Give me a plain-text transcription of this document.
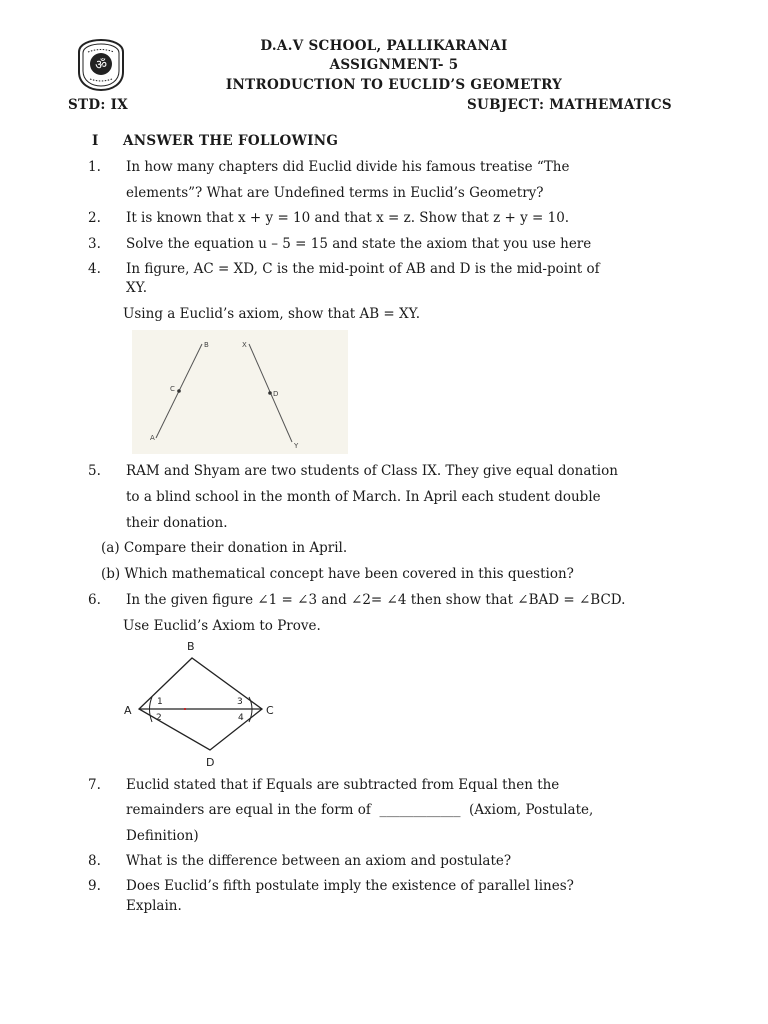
ॐ
D.A.V SCHOOL, PALLIKARANAI
ASSIGNMENT- 5
INTRODUCTION TO EUCLID’S GEOMETRY
STD: IX	SUBJECT: MATHEMATICS
I ANSWER THE FOLLOWING
1. In how many chapters did Euclid divide his famous treatise “The
elements”? What are Undefined terms in Euclid’s Geometry?
2. It is known that x + y = 10 and that x = z. Show that z + y = 10.
3. Solve the equation u – 5 = 15 and state the axiom that you use here
4. In figure, AC = XD, C is the mid-point of AB and D is the mid-point of
XY.
Using a Euclid’s axiom, show that AB = XY.
B	X
C
D
A
Y
5. RAM and Shyam are two students of Class IX. They give equal donation
to a blind school in the month of March. In April each student double
their donation.
(a) Compare their donation in April.
(b) Which mathematical concept have been covered in this question?
6. In the given figure ∠1 = ∠3 and ∠2= ∠4 then show that ∠BAD = ∠BCD.
Use Euclid’s Axiom to Prove.
B
A	C
D
1
2
3
4
7. Euclid stated that if Equals are subtracted from Equal then the
remainders are equal in the form of  ____________  (Axiom, Postulate,
Definition)
8. What is the difference between an axiom and postulate?
9. Does Euclid’s fifth postulate imply the existence of parallel lines?
Explain.
